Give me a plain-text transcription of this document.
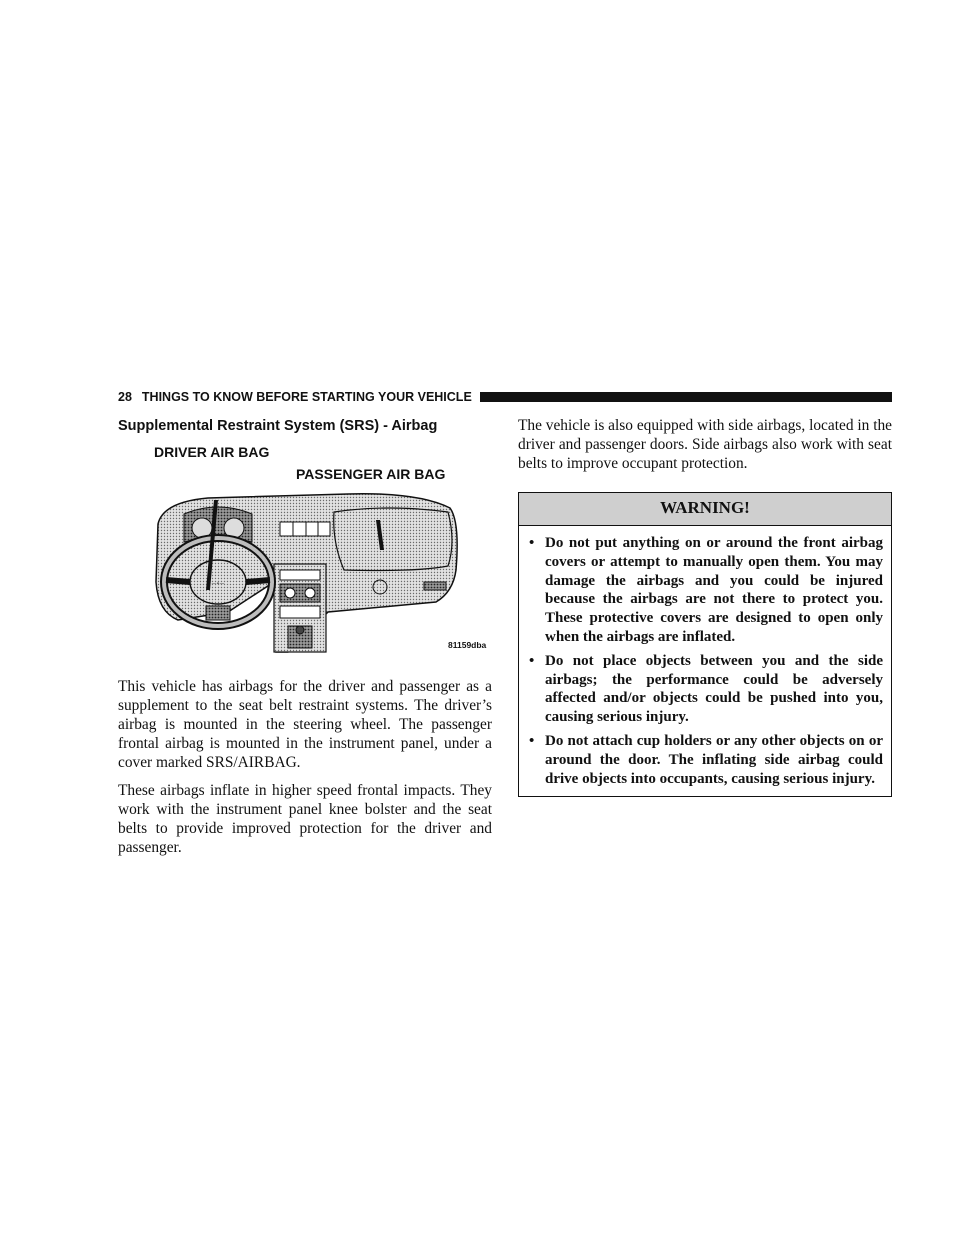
28 THINGS TO KNOW BEFORE STARTING YOUR VEHICLE
Supplemental Restraint System (SRS) - Airbag
DRIVER AIR BAG
PASSENGER AIR BAG
—•—
81159dba

This vehicle has airbags for the driver and passenger as a supplement to the seat belt restraint systems. The driver’s airbag is mounted in the steering wheel. The passenger frontal airbag is mounted in the instrument panel, under a cover marked SRS/AIRBAG.

These airbags inflate in higher speed frontal impacts. They work with the instrument panel knee bolster and the seat belts to provide improved protection for the driver and passenger.

The vehicle is also equipped with side airbags, located in the driver and passenger doors. Side airbags also work with seat belts to improve occupant protection.

WARNING!
• Do not put anything on or around the front airbag covers or attempt to manually open them. You may damage the airbags and you could be injured because the airbags are not there to protect you. These protective covers are designed to open only when the airbags are inflated.
• Do not place objects between you and the side airbags; the performance could be adversely affected and/or objects could be pushed into you, causing serious injury.
• Do not attach cup holders or any other objects on or around the door. The inflating side airbag could drive objects into occupants, causing serious injury.
